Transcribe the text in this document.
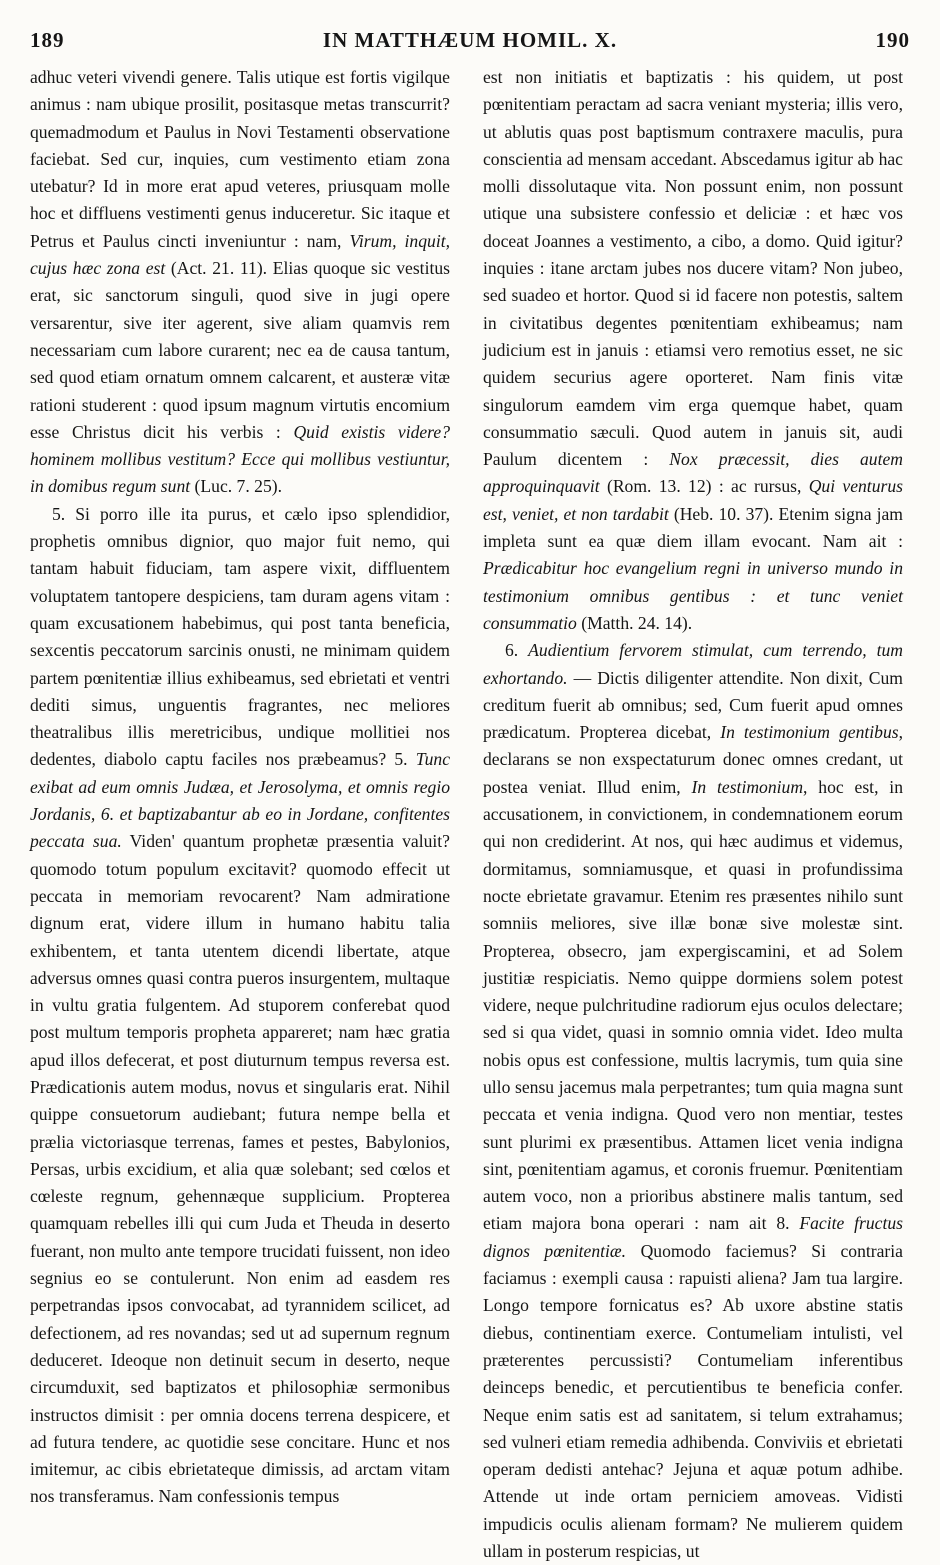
189	IN MATTHÆUM HOMIL. X.	190

adhuc veteri vivendi genere. Talis utique est fortis vigilque animus : nam ubique prosilit, positasque metas transcurrit? quemadmodum et Paulus in Novi Testamenti observatione faciebat. Sed cur, inquies, cum vestimento etiam zona utebatur? Id in more erat apud veteres, priusquam molle hoc et diffluens vestimenti genus induceretur. Sic itaque et Petrus et Paulus cincti inveniuntur : nam, Virum, inquit, cujus hæc zona est (Act. 21. 11). Elias quoque sic vestitus erat, sic sanctorum singuli, quod sive in jugi opere versarentur, sive iter agerent, sive aliam quamvis rem necessariam cum labore curarent; nec ea de causa tantum, sed quod etiam ornatum omnem calcarent, et austeræ vitæ rationi studerent : quod ipsum magnum virtutis encomium esse Christus dicit his verbis : Quid existis videre? hominem mollibus vestitum? Ecce qui mollibus vestiuntur, in domibus regum sunt (Luc. 7. 25).

5. Si porro ille ita purus, et cælo ipso splendidior, prophetis omnibus dignior, quo major fuit nemo, qui tantam habuit fiduciam, tam aspere vixit, diffluentem voluptatem tantopere despiciens, tam duram agens vitam : quam excusationem habebimus, qui post tanta beneficia, sexcentis peccatorum sarcinis onusti, ne minimam quidem partem pœnitentiæ illius exhibeamus, sed ebrietati et ventri dediti simus, unguentis fragrantes, nec meliores theatralibus illis meretricibus, undique mollitiei nos dedentes, diabolo captu faciles nos præbeamus? 5. Tunc exibat ad eum omnis Judæa, et Jerosolyma, et omnis regio Jordanis, 6. et baptizabantur ab eo in Jordane, confitentes peccata sua. Viden' quantum prophetæ præsentia valuit? quomodo totum populum excitavit? quomodo effecit ut peccata in memoriam revocarent? Nam admiratione dignum erat, videre illum in humano habitu talia exhibentem, et tanta utentem dicendi libertate, atque adversus omnes quasi contra pueros insurgentem, multaque in vultu gratia fulgentem. Ad stuporem conferebat quod post multum temporis propheta appareret; nam hæc gratia apud illos defecerat, et post diuturnum tempus reversa est. Prædicationis autem modus, novus et singularis erat. Nihil quippe consuetorum audiebant; futura nempe bella et prælia victoriasque terrenas, fames et pestes, Babylonios, Persas, urbis excidium, et alia quæ solebant; sed cœlos et cœleste regnum, gehennæque supplicium. Propterea quamquam rebelles illi qui cum Juda et Theuda in deserto fuerant, non multo ante tempore trucidati fuissent, non ideo segnius eo se contulerunt. Non enim ad easdem res perpetrandas ipsos convocabat, ad tyrannidem scilicet, ad defectionem, ad res novandas; sed ut ad supernum regnum deduceret. Ideoque non detinuit secum in deserto, neque circumduxit, sed baptizatos et philosophiæ sermonibus instructos dimisit : per omnia docens terrena despicere, et ad futura tendere, ac quotidie sese concitare. Hunc et nos imitemur, ac cibis ebrietateque dimissis, ad arctam vitam nos transferamus. Nam confessionis tempus

est non initiatis et baptizatis : his quidem, ut post pœnitentiam peractam ad sacra veniant mysteria; illis vero, ut ablutis quas post baptismum contraxere maculis, pura conscientia ad mensam accedant. Abscedamus igitur ab hac molli dissolutaque vita. Non possunt enim, non possunt utique una subsistere confessio et deliciæ : et hæc vos doceat Joannes a vestimento, a cibo, a domo. Quid igitur? inquies : itane arctam jubes nos ducere vitam? Non jubeo, sed suadeo et hortor. Quod si id facere non potestis, saltem in civitatibus degentes pœnitentiam exhibeamus; nam judicium est in januis : etiamsi vero remotius esset, ne sic quidem securius agere oporteret. Nam finis vitæ singulorum eamdem vim erga quemque habet, quam consummatio sæculi. Quod autem in januis sit, audi Paulum dicentem : Nox præcessit, dies autem approquinquavit (Rom. 13. 12) : ac rursus, Qui venturus est, veniet, et non tardabit (Heb. 10. 37). Etenim signa jam impleta sunt ea quæ diem illam evocant. Nam ait : Prædicabitur hoc evangelium regni in universo mundo in testimonium omnibus gentibus : et tunc veniet consummatio (Matth. 24. 14).

6. Audientium fervorem stimulat, cum terrendo, tum exhortando. — Dictis diligenter attendite. Non dixit, Cum creditum fuerit ab omnibus; sed, Cum fuerit apud omnes prædicatum. Propterea dicebat, In testimonium gentibus, declarans se non exspectaturum donec omnes credant, ut postea veniat. Illud enim, In testimonium, hoc est, in accusationem, in convictionem, in condemnationem eorum qui non crediderint. At nos, qui hæc audimus et videmus, dormitamus, somniamusque, et quasi in profundissima nocte ebrietate gravamur. Etenim res præsentes nihilo sunt somniis meliores, sive illæ bonæ sive molestæ sint. Propterea, obsecro, jam expergiscamini, et ad Solem justitiæ respiciatis. Nemo quippe dormiens solem potest videre, neque pulchritudine radiorum ejus oculos delectare; sed si qua videt, quasi in somnio omnia videt. Ideo multa nobis opus est confessione, multis lacrymis, tum quia sine ullo sensu jacemus mala perpetrantes; tum quia magna sunt peccata et venia indigna. Quod vero non mentiar, testes sunt plurimi ex præsentibus. Attamen licet venia indigna sint, pœnitentiam agamus, et coronis fruemur. Pœnitentiam autem voco, non a prioribus abstinere malis tantum, sed etiam majora bona operari : nam ait 8. Facite fructus dignos pœnitentiæ. Quomodo faciemus? Si contraria faciamus : exempli causa : rapuisti aliena? Jam tua largire. Longo tempore fornicatus es? Ab uxore abstine statis diebus, continentiam exerce. Contumeliam intulisti, vel præterentes percussisti? Contumeliam inferentibus deinceps benedic, et percutientibus te beneficia confer. Neque enim satis est ad sanitatem, si telum extrahamus; sed vulneri etiam remedia adhibenda. Conviviis et ebrietati operam dedisti antehac? Jejuna et aquæ potum adhibe. Attende ut inde ortam perniciem amoveas. Vidisti impudicis oculis alienam formam? Ne mulierem quidem ullam in posterum respicias, ut
